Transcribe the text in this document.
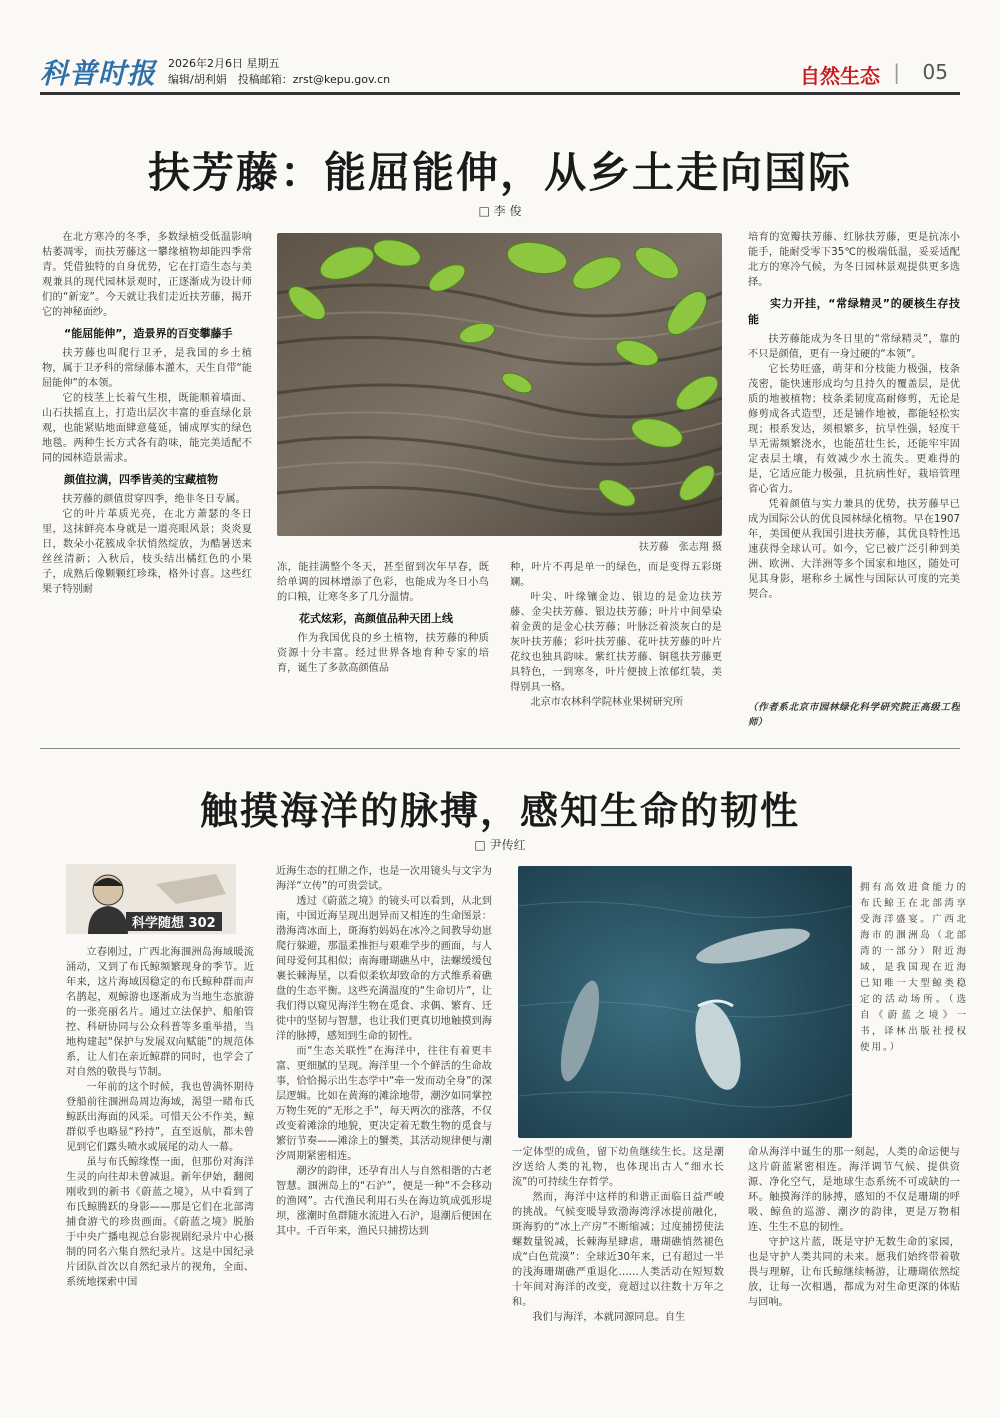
科普时报 2026年2月6日 星期五
编辑/胡利娟　投稿邮箱：zrst@kepu.gov.cn	自然生态 | 05
扶芳藤：能屈能伸，从乡土走向国际
□ 李 俊

在北方寒冷的冬季，多数绿植受低温影响枯萎凋零，而扶芳藤这一攀缘植物却能四季常青。凭借独特的自身优势，它在打造生态与美观兼具的现代园林景观时，正逐渐成为设计师们的“新宠”。今天就让我们走近扶芳藤，揭开它的神秘面纱。

“能屈能伸”，造景界的百变攀藤手

扶芳藤也叫爬行卫矛，是我国的乡土植物，属于卫矛科的常绿藤本灌木，天生自带“能屈能伸”的本领。

它的枝茎上长着气生根，既能顺着墙面、山石扶摇直上，打造出层次丰富的垂直绿化景观，也能紧贴地面肆意蔓延，铺成厚实的绿色地毯。两种生长方式各有韵味，能完美适配不同的园林造景需求。

颜值拉满，四季皆美的宝藏植物

扶芳藤的颜值贯穿四季，绝非冬日专属。

它的叶片革质光亮，在北方萧瑟的冬日里，这抹鲜亮本身就是一道亮眼风景；炎炎夏日，数朵小花簇成伞状悄然绽放，为酷暑送来丝丝清新；入秋后，枝头结出橘红色的小果子，成熟后像颗颗红珍珠，格外讨喜。这些红果子特别耐

扶芳藤　张志翔 摄

冻，能挂满整个冬天，甚至留到次年早春，既给单调的园林增添了色彩，也能成为冬日小鸟的口粮，让寒冬多了几分温情。

花式炫彩，高颜值品种天团上线

作为我国优良的乡土植物，扶芳藤的种质资源十分丰富。经过世界各地育种专家的培育，诞生了多款高颜值品

种，叶片不再是单一的绿色，而是变得五彩斑斓。

叶尖、叶缘镶金边、银边的是金边扶芳藤、金尖扶芳藤、银边扶芳藤；叶片中间晕染着金黄的是金心扶芳藤；叶脉泛着淡灰白的是灰叶扶芳藤；彩叶扶芳藤、花叶扶芳藤的叶片花纹也独具韵味。紫红扶芳藤、铜毯扶芳藤更具特色，一到寒冬，叶片便披上浓郁红装，美得别具一格。

北京市农林科学院林业果树研究所

培育的宽瓣扶芳藤、红脉扶芳藤，更是抗冻小能手，能耐受零下35℃的极端低温，妥妥适配北方的寒冷气候，为冬日园林景观提供更多选择。

实力开挂，“常绿精灵”的硬核生存技能

扶芳藤能成为冬日里的“常绿精灵”，靠的不只是颜值，更有一身过硬的“本领”。

它长势旺盛，萌芽和分枝能力极强，枝条茂密，能快速形成均匀且持久的覆盖层，是优质的地被植物；枝条柔韧度高耐修剪，无论是修剪成各式造型，还是铺作地被，都能轻松实现；根系发达，须根繁多，抗旱性强，轻度干旱无需频繁浇水，也能茁壮生长，还能牢牢固定表层土壤，有效减少水土流失。更难得的是，它适应能力极强，且抗病性好，栽培管理省心省力。

凭着颜值与实力兼具的优势，扶芳藤早已成为国际公认的优良园林绿化植物。早在1907年，美国便从我国引进扶芳藤，其优良特性迅速获得全球认可。如今，它已被广泛引种到美洲、欧洲、大洋洲等多个国家和地区，随处可见其身影，堪称乡土属性与国际认可度的完美契合。

（作者系北京市园林绿化科学研究院正高级工程师）
触摸海洋的脉搏，感知生命的韧性
□ 尹传红
科学随想 302

立春刚过，广西北海涠洲岛海域暖流涌动，又到了布氏鲸频繁现身的季节。近年来，这片海域因稳定的布氏鲸种群而声名鹊起，观鲸游也逐渐成为当地生态旅游的一张亮丽名片。通过立法保护、船舶管控、科研协同与公众科普等多重举措，当地构建起“保护与发展双向赋能”的规范体系，让人们在亲近鲸群的同时，也学会了对自然的敬畏与节制。

一年前的这个时候，我也曾满怀期待登船前往涠洲岛周边海域，渴望一睹布氏鲸跃出海面的风采。可惜天公不作美，鲸群似乎也略显“矜持”，直至返航，都未曾见到它们露头喷水或展尾的动人一幕。

虽与布氏鲸缘悭一面，但那份对海洋生灵的向往却未曾减退。新年伊始，翻阅刚收到的新书《蔚蓝之境》，从中看到了布氏鲸腾跃的身影——那是它们在北部湾捕食游弋的珍贵画面。《蔚蓝之境》脱胎于中央广播电视总台影视剧纪录片中心摄制的同名六集自然纪录片。这是中国纪录片团队首次以自然纪录片的视角，全面、系统地探索中国

近海生态的扛鼎之作，也是一次用镜头与文字为海洋“立传”的可贵尝试。

透过《蔚蓝之境》的镜头可以看到，从北到南，中国近海呈现出迥异而又相连的生命图景：渤海湾冰面上，斑海豹妈妈在冰冷之间教导幼崽爬行躲避，那温柔推拒与艰难学步的画面，与人间母爱何其相似；南海珊瑚礁丛中，法螺缓缓包裹长棘海星，以看似柔软却致命的方式维系着礁盘的生态平衡。这些充满温度的“生命切片”，让我们得以窥见海洋生物在觅食、求偶、繁育、迁徙中的坚韧与智慧，也让我们更真切地触摸到海洋的脉搏，感知到生命的韧性。

而“生态关联性”在海洋中，往往有着更丰富、更细腻的呈现。海洋里一个个鲜活的生命故事，恰恰揭示出生态学中“牵一发而动全身”的深层逻辑。比如在黄海的滩涂地带，潮汐如同掌控万物生死的“无形之手”，每天两次的涨落，不仅改变着滩涂的地貌，更决定着无数生物的觅食与繁衍节奏——滩涂上的蟹类，其活动规律便与潮汐周期紧密相连。

潮汐的韵律，还孕育出人与自然相谐的古老智慧。涠洲岛上的“石沪”，便是一种“不会移动的渔网”。古代渔民利用石头在海边筑成弧形堤坝，涨潮时鱼群随水流进入石沪，退潮后便困在其中。千百年来，渔民只捕捞达到

拥有高效进食能力的布氏鲸王在北部湾享受海洋盛宴。广西北海市的涠洲岛（北部湾的一部分）附近海域，是我国现在近海已知唯一大型鲸类稳定的活动场所。（选自《蔚蓝之境》一书，译林出版社授权使用。）

一定体型的成鱼，留下幼鱼继续生长。这是潮汐送给人类的礼物，也体现出古人“细水长流”的可持续生存哲学。

然而，海洋中这样的和谐正面临日益严峻的挑战。气候变暖导致渤海湾浮冰提前融化，斑海豹的“冰上产房”不断缩减；过度捕捞使法螺数量锐减，长棘海星肆虐，珊瑚礁悄然褪色成“白色荒漠”：全球近30年来，已有超过一半的浅海珊瑚礁严重退化……人类活动在短短数十年间对海洋的改变，竟超过以往数十万年之和。

我们与海洋，本就同源同息。自生

命从海洋中诞生的那一刻起，人类的命运便与这片蔚蓝紧密相连。海洋调节气候、提供资源、净化空气，是地球生态系统不可或缺的一环。触摸海洋的脉搏，感知的不仅是珊瑚的呼吸、鲸鱼的巡游、潮汐的韵律，更是万物相连、生生不息的韧性。

守护这片蓝，既是守护无数生命的家园，也是守护人类共同的未来。愿我们始终带着敬畏与理解，让布氏鲸继续畅游，让珊瑚依然绽放，让每一次相遇，都成为对生命更深的体贴与回响。
